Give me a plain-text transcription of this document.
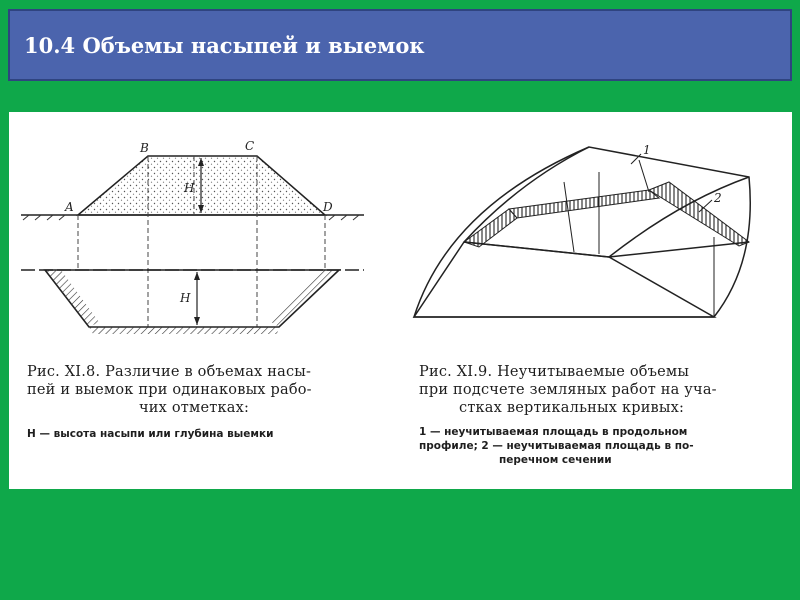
10.4 Объемы насыпей и выемок
A
B	C
D
H
H
1
2
Рис. XI.8. Различие в объемах насы-
пей и выемок при одинаковых рабо-
чих отметках:
H — высота насыпи или глубина выемки
Рис. XI.9. Неучитываемые объемы
при подсчете земляных работ на уча-
стках вертикальных кривых:
1 — неучитываемая площадь в продольном
профиле; 2 — неучитываемая площадь в по-
перечном сечении
